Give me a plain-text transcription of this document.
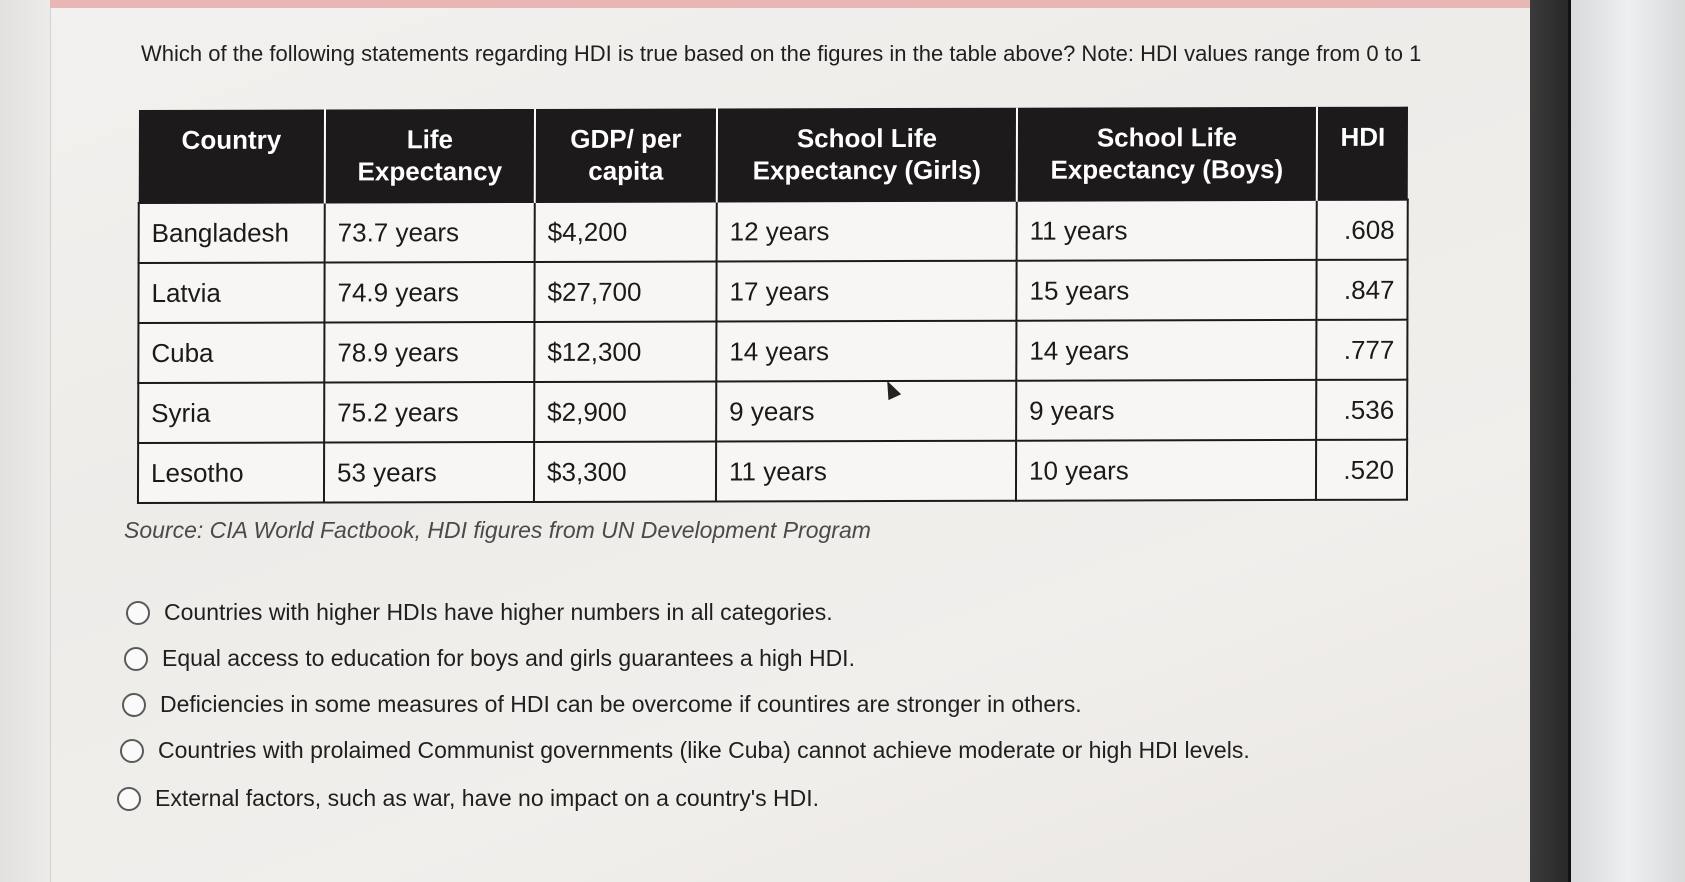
Which of the following statements regarding HDI is true based on the figures in the table above? Note: HDI values range from 0 to 1
Country	Life Expectancy	GDP/ per capita	School Life Expectancy (Girls)	School Life Expectancy (Boys)	HDI
Bangladesh	73.7 years	$4,200	12 years	11 years	.608
Latvia	74.9 years	$27,700	17 years	15 years	.847
Cuba	78.9 years	$12,300	14 years	14 years	.777
Syria	75.2 years	$2,900	9 years	9 years	.536
Lesotho	53 years	$3,300	11 years	10 years	.520
Source: CIA World Factbook, HDI figures from UN Development Program
Countries with higher HDIs have higher numbers in all categories.
Equal access to education for boys and girls guarantees a high HDI.
Deficiencies in some measures of HDI can be overcome if countires are stronger in others.
Countries with prolaimed Communist governments (like Cuba) cannot achieve moderate or high HDI levels.
External factors, such as war, have no impact on a country's HDI.
